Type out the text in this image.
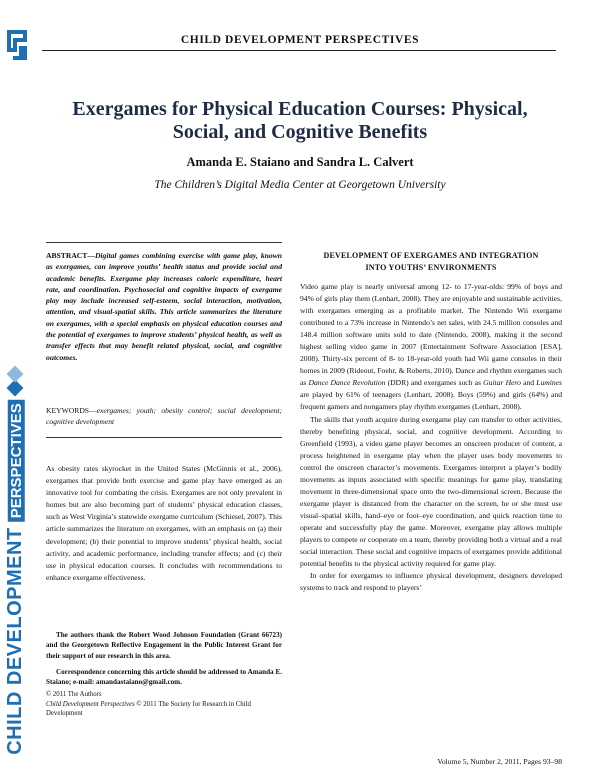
CHILD DEVELOPMENT PERSPECTIVES
CHILD DEVELOPMENT PERSPECTIVES
Exergames for Physical Education Courses: Physical,
Social, and Cognitive Benefits
Amanda E. Staiano and Sandra L. Calvert
The Children’s Digital Media Center at Georgetown University
ABSTRACT—Digital games combining exercise with game play, known as exergames, can improve youths’ health status and provide social and academic benefits. Exergame play increases caloric expenditure, heart rate, and coordination. Psychosocial and cognitive impacts of exergame play may include increased self-esteem, social interaction, motivation, attention, and visual-spatial skills. This article summarizes the literature on exergames, with a special emphasis on physical education courses and the potential of exergames to improve students’ physical health, as well as transfer effects that may benefit related physical, social, and cognitive outcomes.
KEYWORDS—exergames; youth; obesity control; social development; cognitive development
As obesity rates skyrocket in the United States (McGinnis et al., 2006), exergames that provide both exercise and game play have emerged as an innovative tool for combating the crisis. Exergames are not only prevalent in homes but are also becoming part of students’ physical education classes, such as West Virginia’s statewide exergame curriculum (Schiesel, 2007). This article summarizes the literature on exergames, with an emphasis on (a) their development; (b) their potential to improve students’ physical health, social activity, and academic performance, including transfer effects; and (c) their use in physical education courses. It concludes with recommendations to enhance exergame effectiveness.

The authors thank the Robert Wood Johnson Foundation (Grant 66723) and the Georgetown Reflective Engagement in the Public Interest Grant for their support of our research in this area.

Correspondence concerning this article should be addressed to Amanda E. Staiano; e-mail: amandastaiano@gmail.com.

© 2011 The Authors
Child Development Perspectives © 2011 The Society for Research in Child Development
DEVELOPMENT OF EXERGAMES AND INTEGRATION
INTO YOUTHS’ ENVIRONMENTS

Video game play is nearly universal among 12- to 17-year-olds: 99% of boys and 94% of girls play them (Lenhart, 2008). They are enjoyable and sustainable activities, with exergames emerging as a profitable market. The Nintendo Wii exergame contributed to a 73% increase in Nintendo’s net sales, with 24.5 million consoles and 148.4 million software units sold to date (Nintendo, 2008), making it the second highest selling video game in 2007 (Entertainment Software Association [ESA], 2008). Thirty-six percent of 8- to 18-year-old youth had Wii game consoles in their homes in 2009 (Rideout, Foehr, & Roberts, 2010). Dance and rhythm exergames such as Dance Dance Revolution (DDR) and exergames such as Guitar Hero and Lumines are played by 61% of teenagers (Lenhart, 2008). Boys (59%) and girls (64%) and frequent gamers and nongamers play rhythm exergames (Lenhart, 2008).

The skills that youth acquire during exergame play can transfer to other activities, thereby benefiting physical, social, and cognitive development. According to Greenfield (1993), a video game player becomes an onscreen producer of content, a process heightened in exergame play when the player uses body movements to control the onscreen character’s movements. Exergames interpret a player’s bodily movements as inputs associated with specific meanings for game play, translating movement in three-dimensional space onto the two-dimensional screen. Because the exergame player is distanced from the character on the screen, he or she must use visual–spatial skills, hand–eye or foot–eye coordination, and quick reaction time to operate and successfully play the game. Moreover, exergame play allows multiple players to compete or cooperate on a team, thereby providing both a virtual and a real social interaction. These social and cognitive impacts of exergames provide additional potential benefits to the physical activity required for game play.

In order for exergames to influence physical development, designers developed systems to track and respond to players’

Volume 5, Number 2, 2011, Pages 93–98
